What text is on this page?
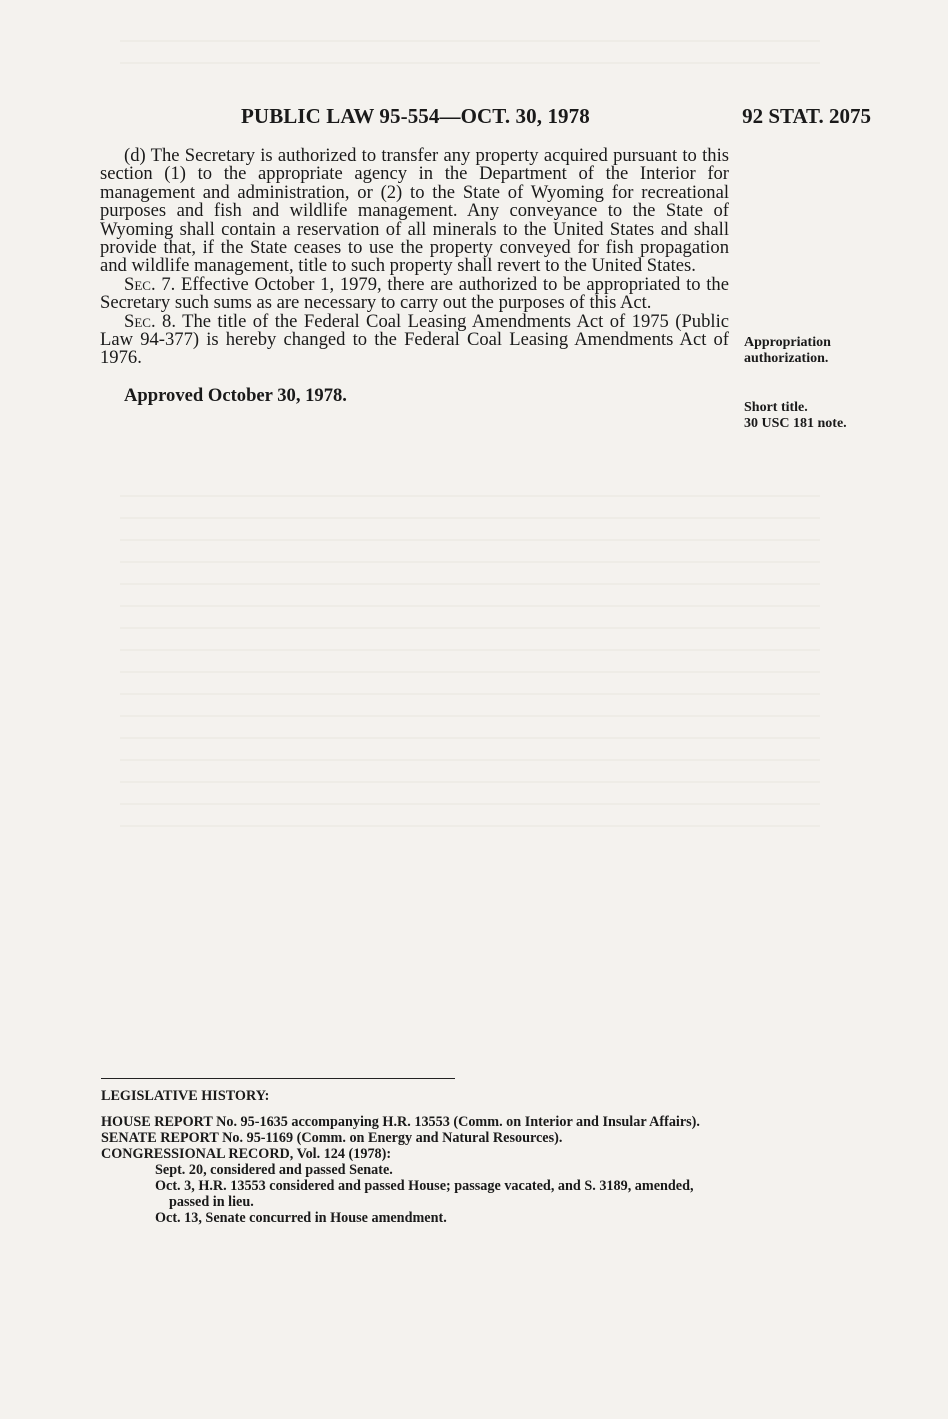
PUBLIC LAW 95-554—OCT. 30, 1978	92 STAT. 2075

(d) The Secretary is authorized to transfer any property acquired pursuant to this section (1) to the appropriate agency in the Department of the Interior for management and administration, or (2) to the State of Wyoming for recreational purposes and fish and wildlife management. Any conveyance to the State of Wyoming shall contain a reservation of all minerals to the United States and shall provide that, if the State ceases to use the property conveyed for fish propagation and wildlife management, title to such property shall revert to the United States.

Sec. 7. Effective October 1, 1979, there are authorized to be appropriated to the Secretary such sums as are necessary to carry out the purposes of this Act.

Sec. 8. The title of the Federal Coal Leasing Amendments Act of 1975 (Public Law 94-377) is hereby changed to the Federal Coal Leasing Amendments Act of 1976.

Approved October 30, 1978.

Appropriation
authorization.
Short title.
30 USC 181 note.
LEGISLATIVE HISTORY:
HOUSE REPORT No. 95-1635 accompanying H.R. 13553 (Comm. on Interior and Insular Affairs).
SENATE REPORT No. 95-1169 (Comm. on Energy and Natural Resources).
CONGRESSIONAL RECORD, Vol. 124 (1978):
Sept. 20, considered and passed Senate.
Oct. 3, H.R. 13553 considered and passed House; passage vacated, and S. 3189, amended, passed in lieu.
Oct. 13, Senate concurred in House amendment.
